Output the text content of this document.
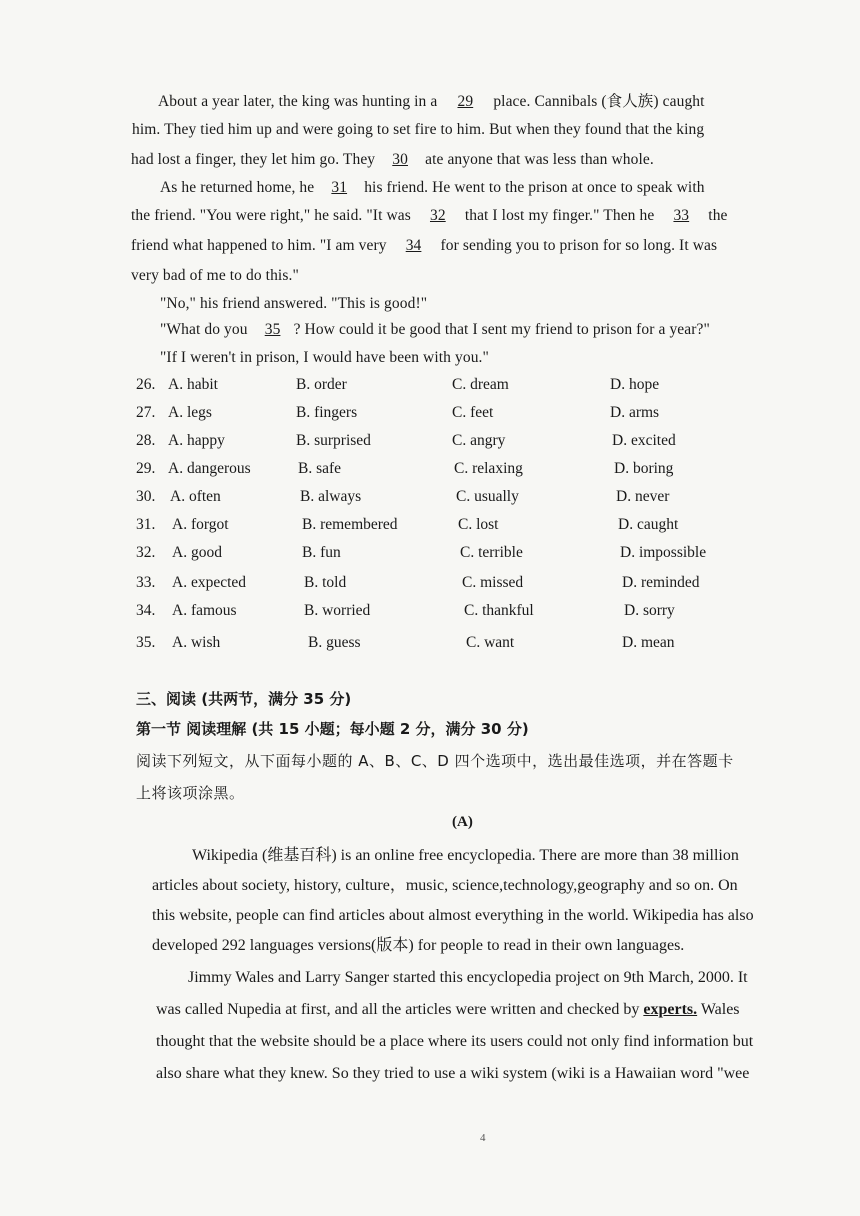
About a year later, the king was hunting in a 29 place. Cannibals (食人族) caught
him. They tied him up and were going to set fire to him. But when they found that the king
had lost a finger, they let him go. They 30 ate anyone that was less than whole.
As he returned home, he 31 his friend. He went to the prison at once to speak with
the friend. "You were right," he said. "It was 32 that I lost my finger." Then he 33 the
friend what happened to him. "I am very 34 for sending you to prison for so long. It was
very bad of me to do this."
"No," his friend answered. "This is good!"
"What do you 35 ? How could it be good that I sent my friend to prison for a year?"
"If I weren't in prison, I would have been with you."
26. A. habit	B. order	C. dream	D. hope
27. A. legs	B. fingers	C. feet	D. arms
28. A. happy	B. surprised	C. angry	D. excited
29. A. dangerous	B. safe	C. relaxing	D. boring
30. A. often	B. always	C. usually	D. never
31.	A. forgot	B. remembered	C. lost	D. caught
32.	A. good	B. fun	C. terrible	D. impossible
33.	A. expected	B. told	C. missed	D. reminded
34.	A. famous	B. worried	C. thankful	D. sorry
35.	A. wish	B. guess	C. want	D. mean
三、阅读 (共两节，满分 35 分)
第一节 阅读理解 (共 15 小题；每小题 2 分，满分 30 分)
阅读下列短文，从下面每小题的 A、B、C、D 四个选项中，选出最佳选项，并在答题卡
上将该项涂黑。
(A)
Wikipedia (维基百科) is an online free encyclopedia. There are more than 38 million
articles about society, history, culture，music, science,technology,geography and so on. On
this website, people can find articles about almost everything in the world. Wikipedia has also
developed 292 languages versions(版本) for people to read in their own languages.
Jimmy Wales and Larry Sanger started this encyclopedia project on 9th March, 2000. It
was called Nupedia at first, and all the articles were written and checked by experts. Wales
thought that the website should be a place where its users could not only find information but
also share what they knew. So they tried to use a wiki system (wiki is a Hawaiian word "wee
4
